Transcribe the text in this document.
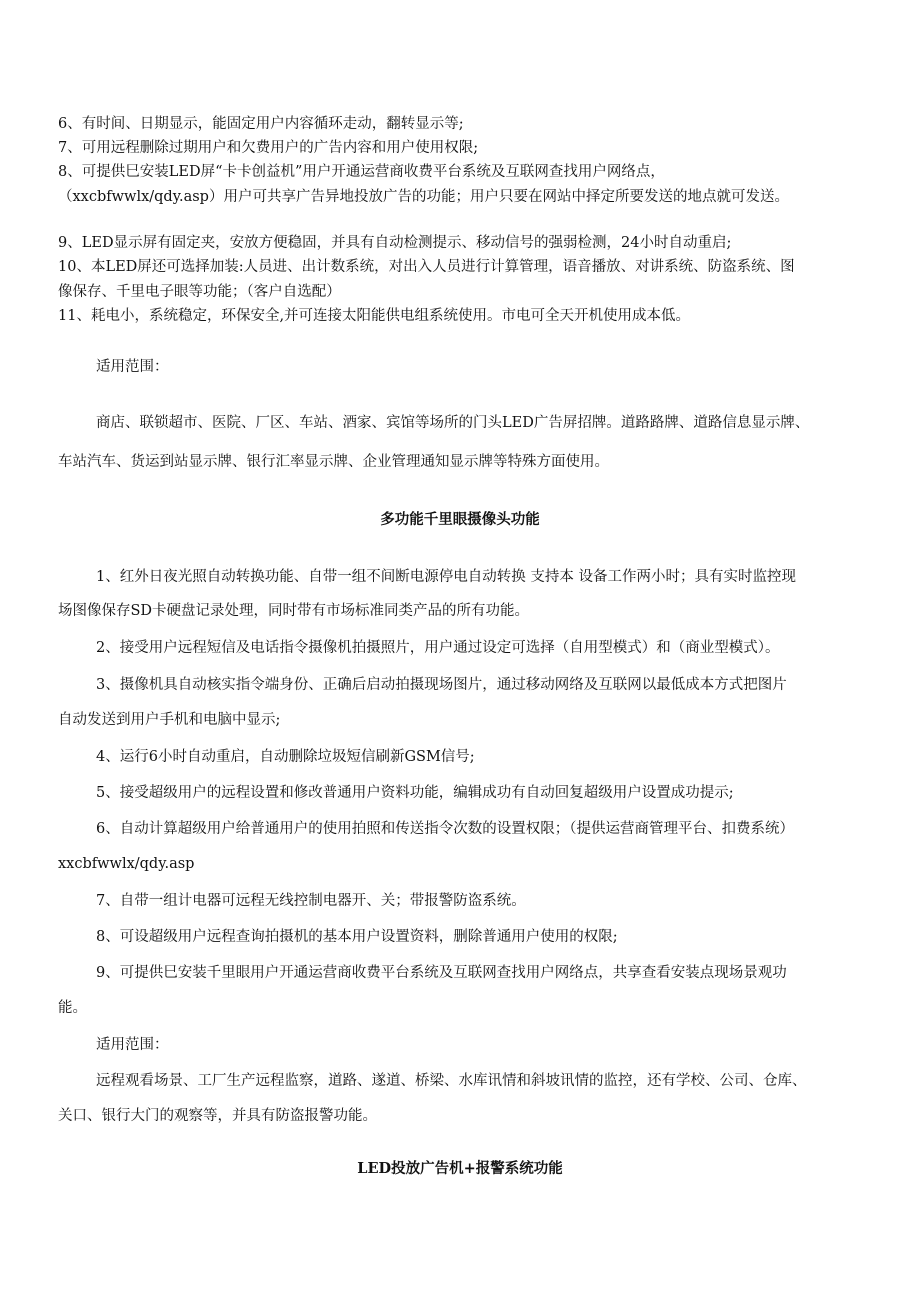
6、有时间、日期显示，能固定用户内容循环走动，翻转显示等;
7、可用远程删除过期用户和欠费用户的广告内容和用户使用权限;
8、可提供巳安装LED屏“卡卡创益机”用户开通运营商收费平台系统及互联网查找用户网络点，
（xxcbfwwlx/qdy.asp）用户可共享广告异地投放广告的功能；用户只要在网站中择定所要发送的地点就可发送。
9、LED显示屏有固定夹，安放方便稳固，并具有自动检测提示、移动信号的强弱检测，24小时自动重启;
10、本LED屏还可选择加装:人员进、出计数系统，对出入人员进行计算管理，语音播放、对讲系统、防盗系统、图
像保存、千里电子眼等功能；（客户自选配）
11、耗电小，系统稳定，环保安全,并可连接太阳能供电组系统使用。市电可全天开机使用成本低。
适用范围：
商店、联锁超市、医院、厂区、车站、酒家、宾馆等场所的门头LED广告屏招牌。道路路牌、道路信息显示牌、
车站汽车、货运到站显示牌、银行汇率显示牌、企业管理通知显示牌等特殊方面使用。
多功能千里眼摄像头功能
1、红外日夜光照自动转换功能、自带一组不间断电源停电自动转换 支持本 设备工作两小时；具有实时监控现
场图像保存SD卡硬盘记录处理，同时带有市场标准同类产品的所有功能。
2、接受用户远程短信及电话指令摄像机拍摄照片，用户通过设定可选择（自用型模式）和（商业型模式）。
3、摄像机具自动核实指令端身份、正确后启动拍摄现场图片，通过移动网络及互联网以最低成本方式把图片
自动发送到用户手机和电脑中显示;
4、运行6小时自动重启，自动删除垃圾短信刷新GSM信号;
5、接受超级用户的远程设置和修改普通用户资料功能，编辑成功有自动回复超级用户设置成功提示;
6、自动计算超级用户给普通用户的使用拍照和传送指令次数的设置权限；（提供运营商管理平台、扣费系统）
xxcbfwwlx/qdy.asp
7、自带一组计电器可远程无线控制电器开、关；带报警防盗系统。
8、可设超级用户远程查询拍摄机的基本用户设置资料，删除普通用户使用的权限;
9、可提供巳安装千里眼用户开通运营商收费平台系统及互联网查找用户网络点，共享查看安装点现场景观功
能。
适用范围：
远程观看场景、工厂生产远程监察，道路、遂道、桥梁、水库讯情和斜坡讯情的监控，还有学校、公司、仓库、
关口、银行大门的观察等，并具有防盗报警功能。
LED投放广告机+报警系统功能
